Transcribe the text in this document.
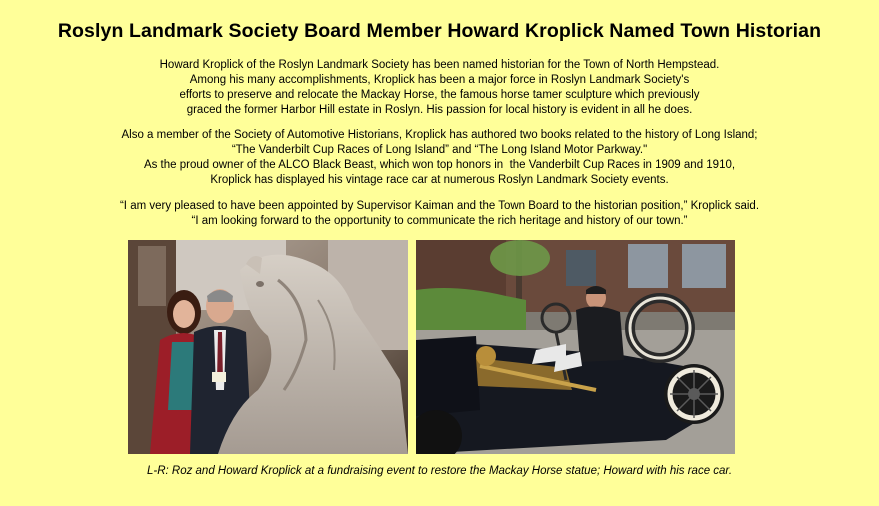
Roslyn Landmark Society Board Member Howard Kroplick Named Town Historian
Howard Kroplick of the Roslyn Landmark Society has been named historian for the Town of North Hempstead.
Among his many accomplishments, Kroplick has been a major force in Roslyn Landmark Society's
efforts to preserve and relocate the Mackay Horse, the famous horse tamer sculpture which previously
graced the former Harbor Hill estate in Roslyn. His passion for local history is evident in all he does.
Also a member of the Society of Automotive Historians, Kroplick has authored two books related to the history of Long Island;
“The Vanderbilt Cup Races of Long Island” and “The Long Island Motor Parkway."
As the proud owner of the ALCO Black Beast, which won top honors in  the Vanderbilt Cup Races in 1909 and 1910,
Kroplick has displayed his vintage race car at numerous Roslyn Landmark Society events.
“I am very pleased to have been appointed by Supervisor Kaiman and the Town Board to the historian position,” Kroplick said.
“I am looking forward to the opportunity to communicate the rich heritage and history of our town.”
L-R: Roz and Howard Kroplick at a fundraising event to restore the Mackay Horse statue; Howard with his race car.
